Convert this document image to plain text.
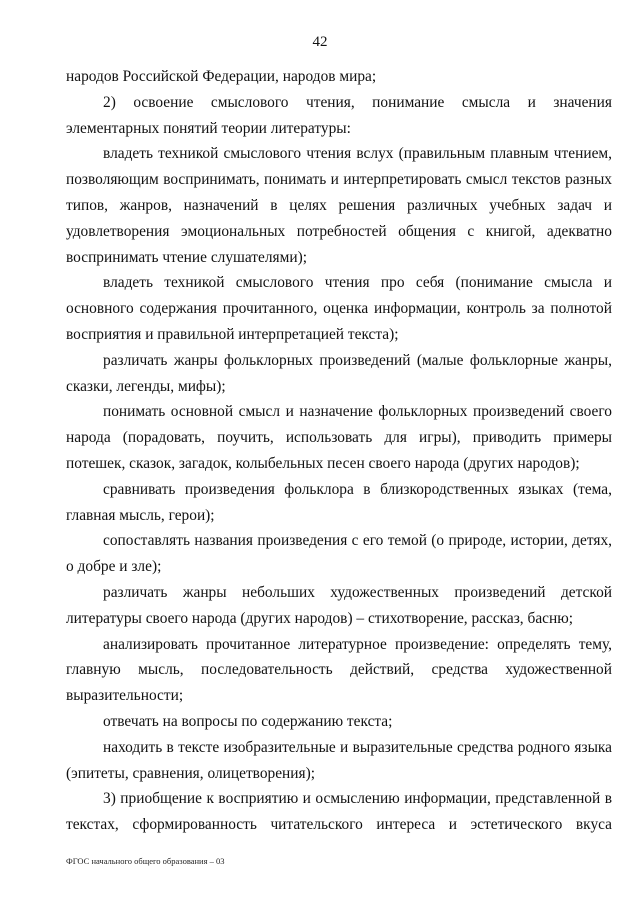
42

народов Российской Федерации, народов мира;

2) освоение смыслового чтения, понимание смысла и значения элементарных понятий теории литературы:

владеть техникой смыслового чтения вслух (правильным плавным чтением, позволяющим воспринимать, понимать и интерпретировать смысл текстов разных типов, жанров, назначений в целях решения различных учебных задач и удовлетворения эмоциональных потребностей общения с книгой, адекватно воспринимать чтение слушателями);

владеть техникой смыслового чтения про себя (понимание смысла и основного содержания прочитанного, оценка информации, контроль за полнотой восприятия и правильной интерпретацией текста);

различать жанры фольклорных произведений (малые фольклорные жанры, сказки, легенды, мифы);

понимать основной смысл и назначение фольклорных произведений своего народа (порадовать, поучить, использовать для игры), приводить примеры потешек, сказок, загадок, колыбельных песен своего народа (других народов);

сравнивать произведения фольклора в близкородственных языках (тема, главная мысль, герои);

сопоставлять названия произведения с его темой (о природе, истории, детях, о добре и зле);

различать жанры небольших художественных произведений детской литературы своего народа (других народов) – стихотворение, рассказ, басню;

анализировать прочитанное литературное произведение: определять тему, главную мысль, последовательность действий, средства художественной выразительности;

отвечать на вопросы по содержанию текста;

находить в тексте изобразительные и выразительные средства родного языка (эпитеты, сравнения, олицетворения);

3) приобщение к восприятию и осмыслению информации, представленной в текстах, сформированность читательского интереса и эстетического вкуса

ФГОС начального общего образования – 03
